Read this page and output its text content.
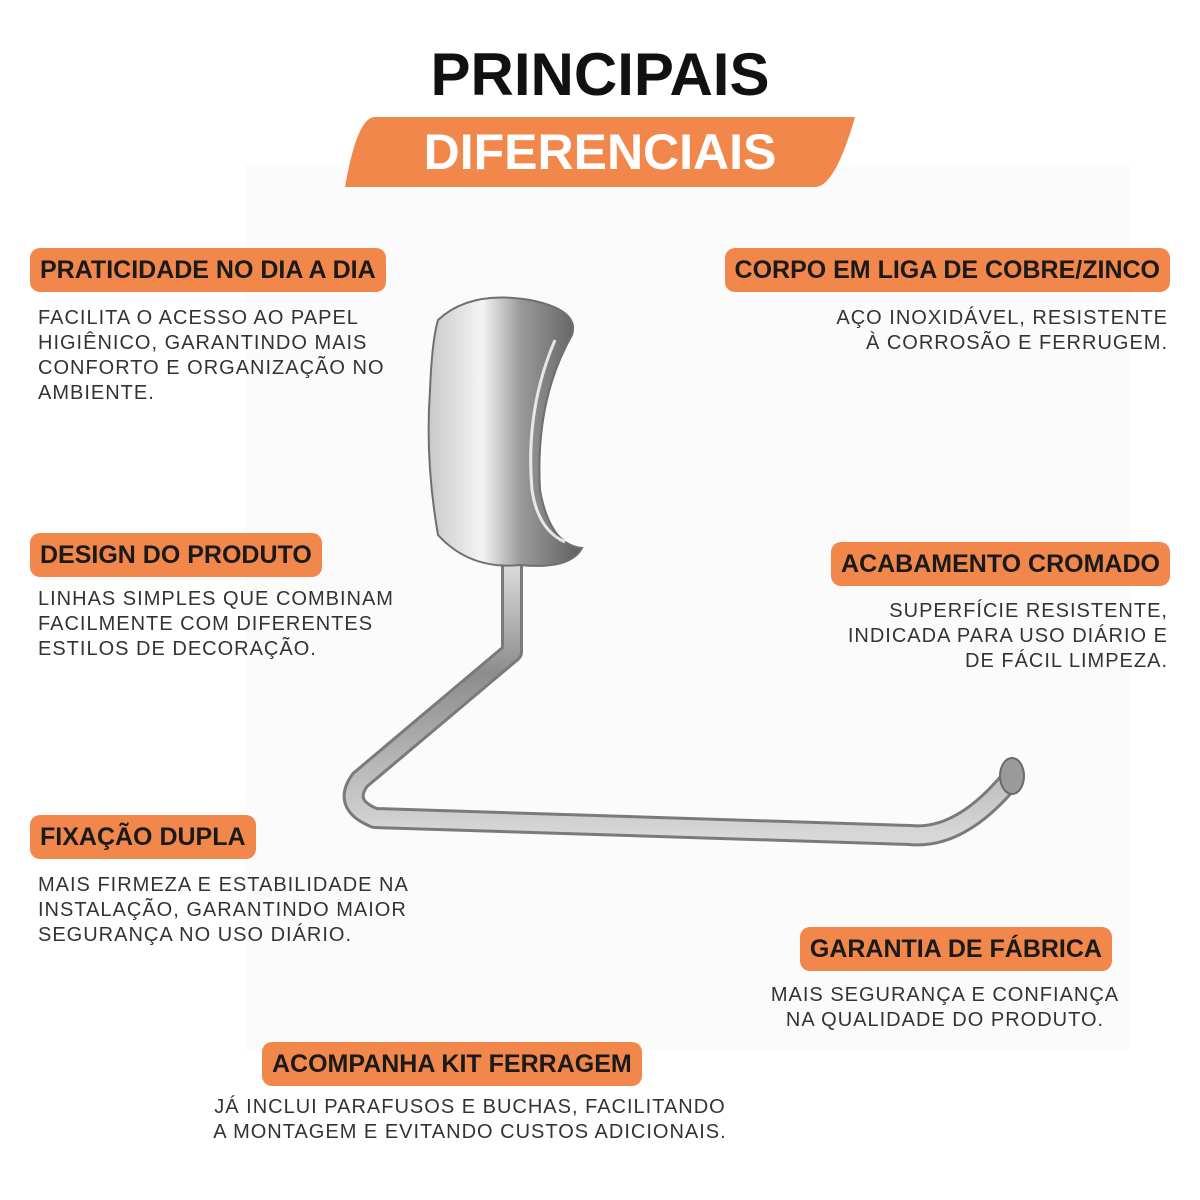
PRINCIPAIS
DIFERENCIAIS
PRATICIDADE NO DIA A DIA
FACILITA O ACESSO AO PAPEL
HIGIÊNICO, GARANTINDO MAIS
CONFORTO E ORGANIZAÇÃO NO
AMBIENTE.
CORPO EM LIGA DE COBRE/ZINCO
AÇO INOXIDÁVEL, RESISTENTE
À CORROSÃO E FERRUGEM.
DESIGN DO PRODUTO
LINHAS SIMPLES QUE COMBINAM
FACILMENTE COM DIFERENTES
ESTILOS DE DECORAÇÃO.
ACABAMENTO CROMADO
SUPERFÍCIE RESISTENTE,
INDICADA PARA USO DIÁRIO E
DE FÁCIL LIMPEZA.
FIXAÇÃO DUPLA
MAIS FIRMEZA E ESTABILIDADE NA
INSTALAÇÃO, GARANTINDO MAIOR
SEGURANÇA NO USO DIÁRIO.	GARANTIA DE FÁBRICA
MAIS SEGURANÇA E CONFIANÇA
NA QUALIDADE DO PRODUTO.
ACOMPANHA KIT FERRAGEM
JÁ INCLUI PARAFUSOS E BUCHAS, FACILITANDO
A MONTAGEM E EVITANDO CUSTOS ADICIONAIS.
